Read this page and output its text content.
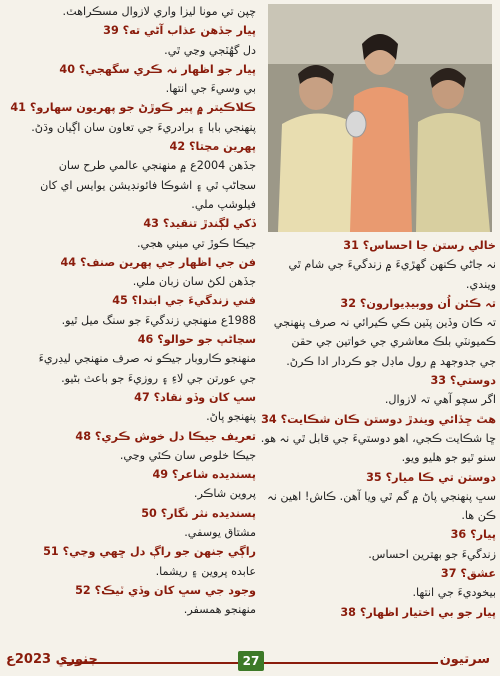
خالي رستن جا احساس؟ 31
نہ جاڻي ڪنهن گهڙيءَ ۾ زندگيءَ جي شام ٿي
ويندي.
تہ ڪئن اُن ووبيڊيوارون؟ 32
تہ ڪان وڏين پٽين ڪي ڪيرائي نہ صرف پنهنجي
ڪميونٽي بلڪ معاشري جي خواتين جي حقن
جي جدوجهد ۾ رول ماڊل جو ڪردار ادا ڪرڻ.
دوستي؟ 33
اگر سچو آهي تہ لازوال.
هٿ ڇڏائي ويندڙ دوستن ڪان شڪايت؟ 34
ڇا شڪايت ڪجي، اهو دوستيءَ جي قابل ٿي نہ هو.
سنو ٿيو جو هليو ويو.
دوستن تي ڪا ميار؟ 35
سڀ پنهنجي پاڻ ۾ گم ٿي ويا آهن. ڪاش! اهين نہ
ڪن ها.
پيار؟ 36
زندگيءَ جو بهترين احساس.
عشق؟ 37
بيخوديءَ جي انتها.
پيار جو بي اختيار اظهار؟ 38
چپن تي مونا ليزا واري لازوال مسڪراهٽ.
پيار جڏهن عذاب آڻي ته؟ 39
دل گهُٽجي وڃي ٿي.
پيار جو اظهار نہ ڪري سگهجي؟ 40
بي وسيءَ جي انتها.
ڪلاڪيتر ۾ پير ڪوڙڻ جو پهريون سهارو؟ 41
پنهنجي بابا ۽ برادريءَ جي تعاون سان اڳيان وڌڻ.
پهرين مڃتا؟ 42
جڏهن 2004ع ۾ منهنجي عالمي طرح سان
سڃاڻپ ٿي ۽ اشوڪا فائونڊيشن يوايس اي کان
فيلوشپ ملي.
ڏکي لڳندڙ تنقيد؟ 43
جيڪا ڪوڙ تي ميني هجي.
فن جي اظهار جي پهرين صنف؟ 44
جڏهن لکڻ سان زبان ملي.
فني زندگيءَ جي ابتدا؟ 45
1988ع منهنجي زندگيءَ جو سنگ ميل ٿيو.
سڃاڻپ جو حوالو؟ 46
منهنجو ڪاروبار جيڪو نہ صرف منهنجي ليڊريءَ
جي عورتن جي لاءِ ۽ روزيءَ جو باعث بڻيو.
سڀ کان وڏو نقاد؟ 47
پنهنجو پاڻ.
تعريف جيڪا دل خوش ڪري؟ 48
جيڪا خلوص سان ڪئي وڃي.
پسنديده شاعر؟ 49
پروين شاڪر.
پسنديده نثر نگار؟ 50
مشتاق يوسفي.
راڳي جنهن جو راڳ دل ڇهي وڃي؟ 51
عابده پروين ۽ ريشما.
وجود جي سڀ کان وڏي ٽيڪ؟ 52
منهنجو همسفر.
سرتيون
27
جنوري 2023ع
